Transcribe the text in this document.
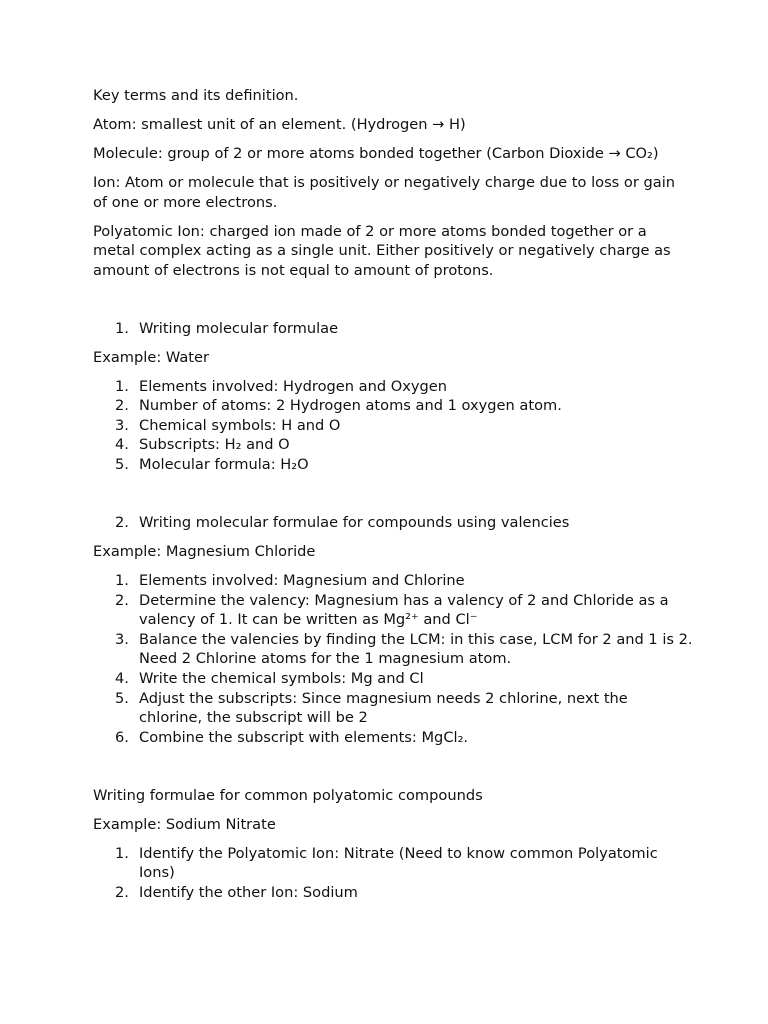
Key terms and its definition.

Atom: smallest unit of an element. (Hydrogen → H)

Molecule: group of 2 or more atoms bonded together (Carbon Dioxide → CO₂)

Ion: Atom or molecule that is positively or negatively charge due to loss or gain of one or more electrons.

Polyatomic Ion: charged ion made of 2 or more atoms bonded together or a metal complex acting as a single unit. Either positively or negatively charge as amount of electrons is not equal to amount of protons.

1. Writing molecular formulae

Example: Water

1. Elements involved: Hydrogen and Oxygen
2. Number of atoms: 2 Hydrogen atoms and 1 oxygen atom.
3. Chemical symbols: H and O
4. Subscripts: H₂ and O
5. Molecular formula: H₂O
2. Writing molecular formulae for compounds using valencies

Example: Magnesium Chloride

1. Elements involved: Magnesium and Chlorine
2. Determine the valency: Magnesium has a valency of 2 and Chloride as a valency of 1. It can be written as Mg²⁺ and Cl⁻
3. Balance the valencies by finding the LCM: in this case, LCM for 2 and 1 is 2. Need 2 Chlorine atoms for the 1 magnesium atom.
4. Write the chemical symbols: Mg and Cl
5. Adjust the subscripts: Since magnesium needs 2 chlorine, next the chlorine, the subscript will be 2
6. Combine the subscript with elements: MgCl₂.

Writing formulae for common polyatomic compounds

Example: Sodium Nitrate

1. Identify the Polyatomic Ion: Nitrate (Need to know common Polyatomic Ions)
2. Identify the other Ion: Sodium
